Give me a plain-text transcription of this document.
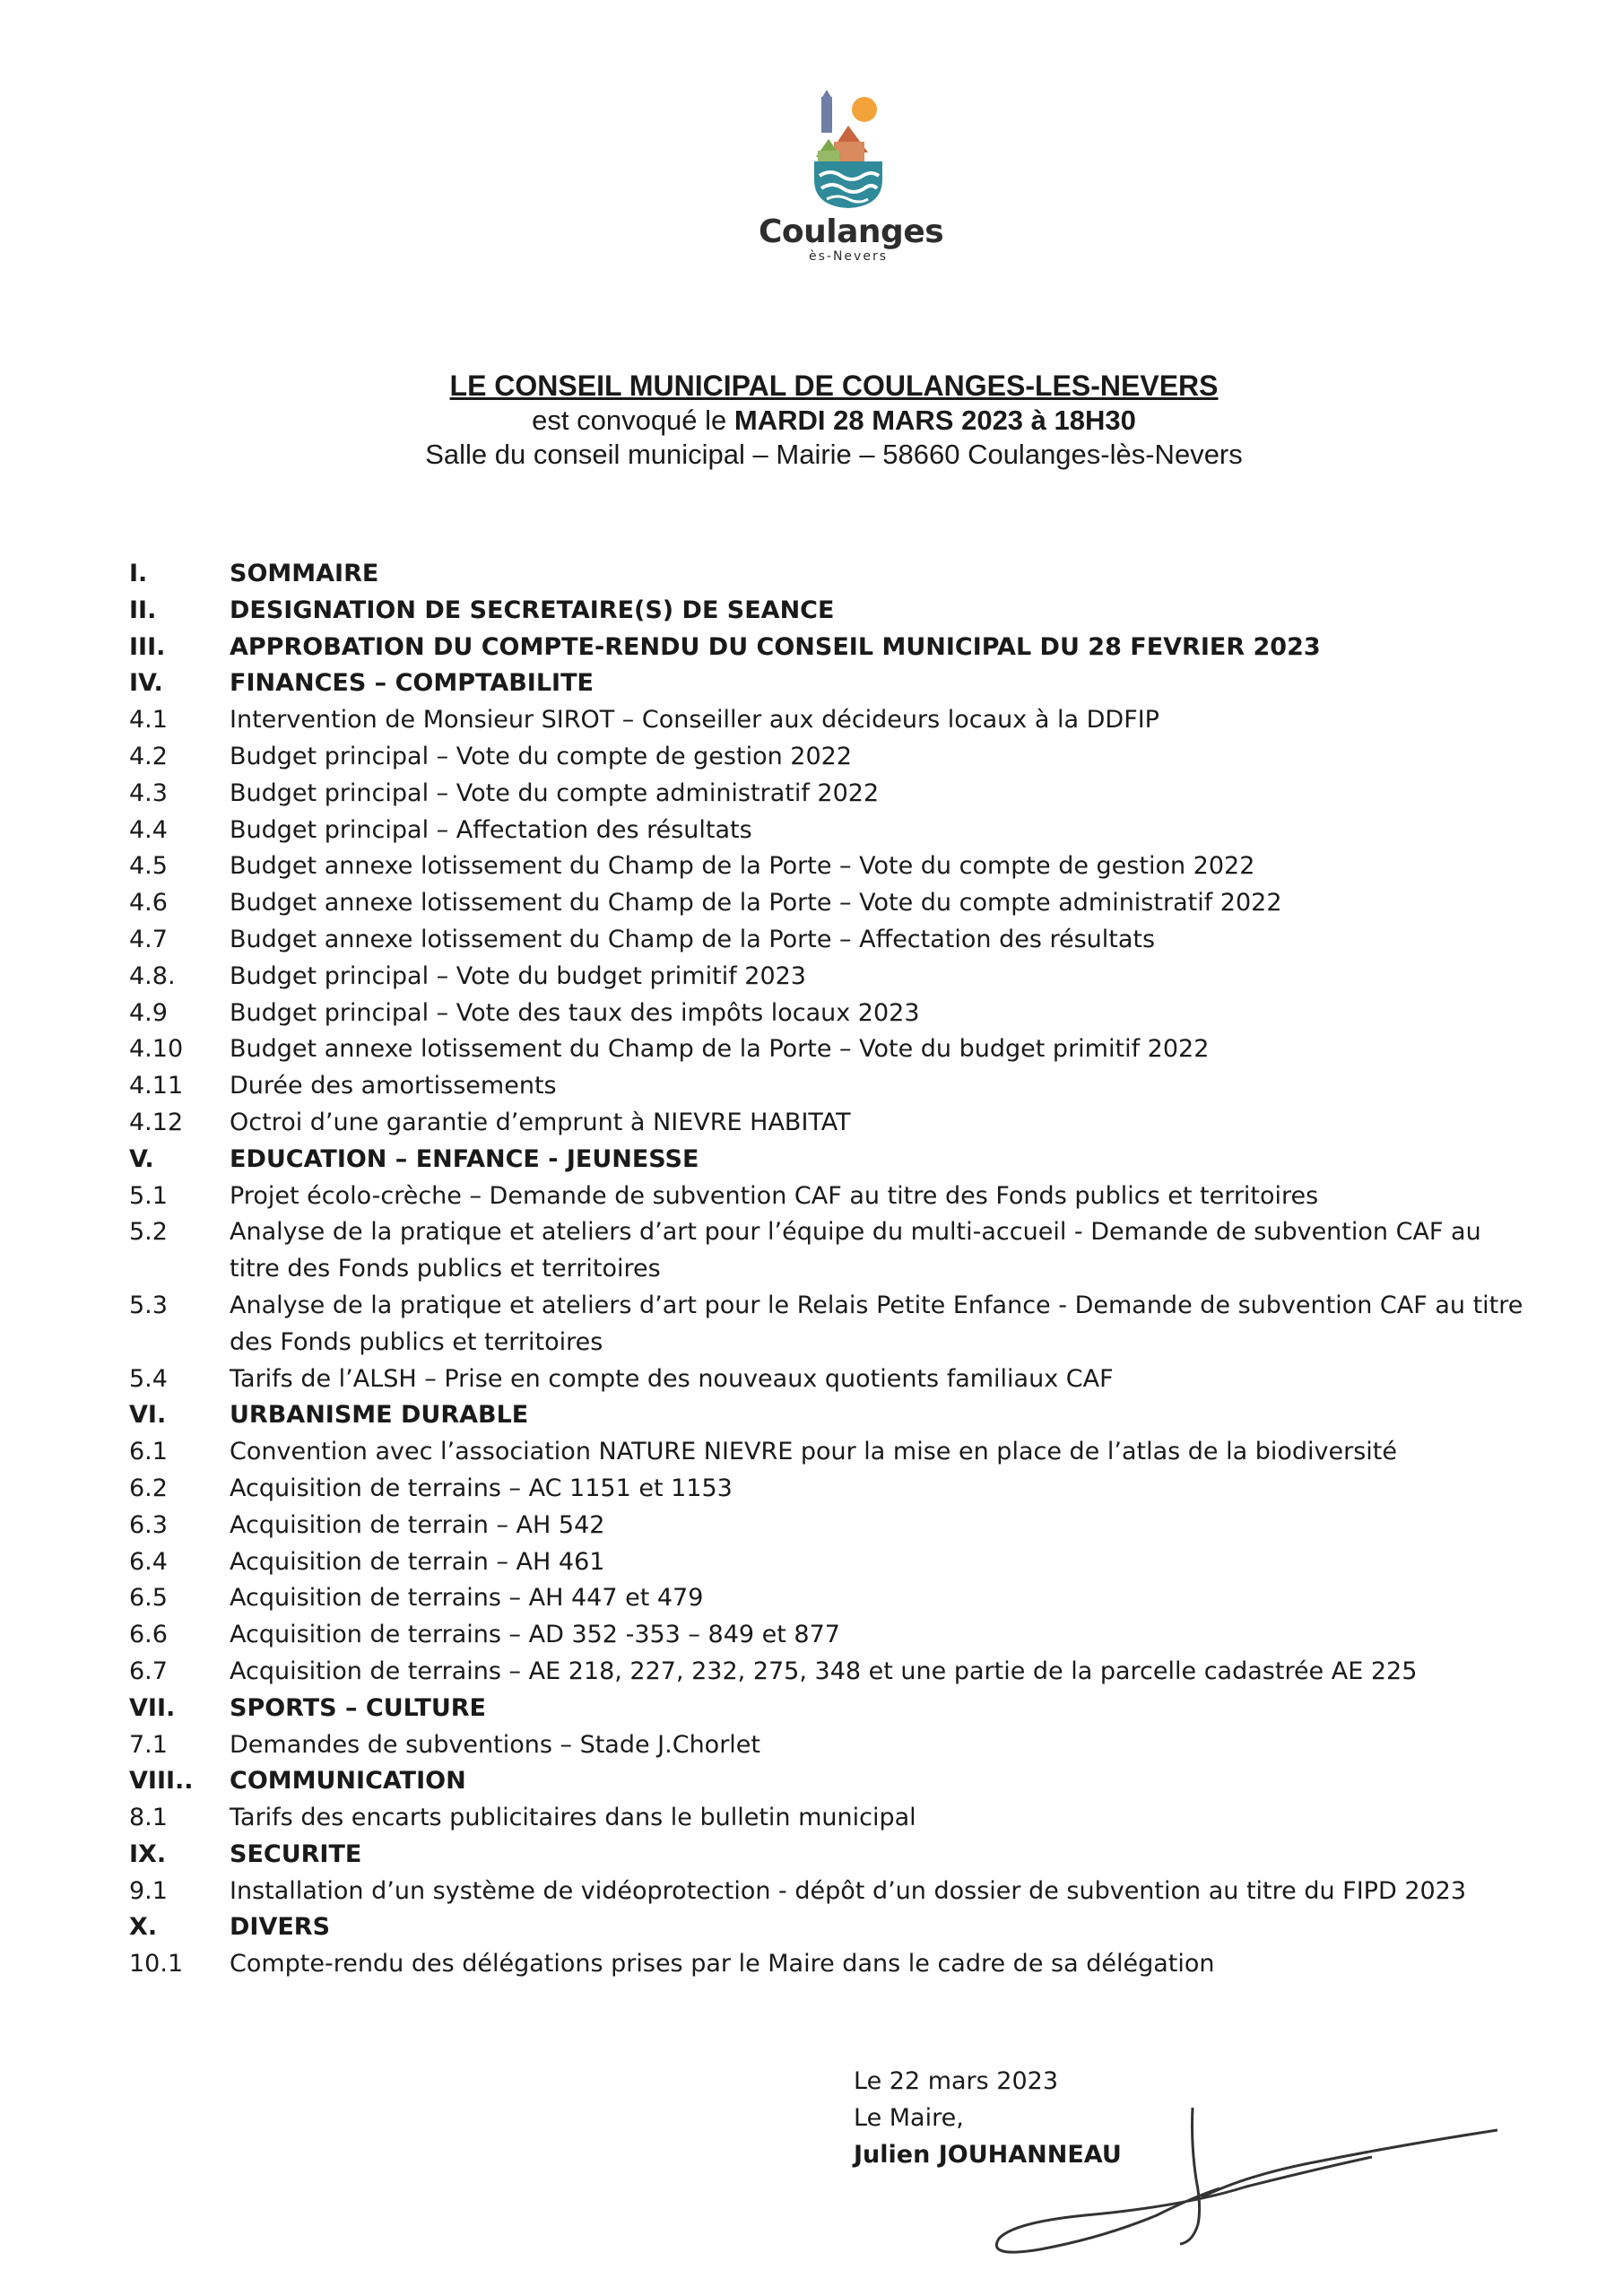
Coulanges
ès-Nevers
LE CONSEIL MUNICIPAL DE COULANGES-LES-NEVERS
est convoqué le MARDI 28 MARS 2023 à 18H30
Salle du conseil municipal – Mairie – 58660 Coulanges-lès-Nevers
I.	SOMMAIRE
II.	DESIGNATION DE SECRETAIRE(S) DE SEANCE
III.	APPROBATION DU COMPTE-RENDU DU CONSEIL MUNICIPAL DU 28 FEVRIER 2023
IV.	FINANCES – COMPTABILITE
4.1	Intervention de Monsieur SIROT – Conseiller aux décideurs locaux à la DDFIP
4.2	Budget principal – Vote du compte de gestion 2022
4.3	Budget principal – Vote du compte administratif 2022
4.4	Budget principal – Affectation des résultats
4.5	Budget annexe lotissement du Champ de la Porte – Vote du compte de gestion 2022
4.6	Budget annexe lotissement du Champ de la Porte – Vote du compte administratif 2022
4.7	Budget annexe lotissement du Champ de la Porte – Affectation des résultats
4.8.	Budget principal – Vote du budget primitif 2023
4.9	Budget principal – Vote des taux des impôts locaux 2023
4.10	Budget annexe lotissement du Champ de la Porte – Vote du budget primitif 2022
4.11	Durée des amortissements
4.12	Octroi d’une garantie d’emprunt à NIEVRE HABITAT
V.	EDUCATION – ENFANCE - JEUNESSE
5.1	Projet écolo-crèche – Demande de subvention CAF au titre des Fonds publics et territoires
5.2	Analyse de la pratique et ateliers d’art pour l’équipe du multi-accueil - Demande de subvention CAF au titre des Fonds publics et territoires
5.3	Analyse de la pratique et ateliers d’art pour le Relais Petite Enfance - Demande de subvention CAF au titre des Fonds publics et territoires
5.4	Tarifs de l’ALSH – Prise en compte des nouveaux quotients familiaux CAF
VI.	URBANISME DURABLE
6.1	Convention avec l’association NATURE NIEVRE pour la mise en place de l’atlas de la biodiversité
6.2	Acquisition de terrains – AC 1151 et 1153
6.3	Acquisition de terrain – AH 542
6.4	Acquisition de terrain – AH 461
6.5	Acquisition de terrains – AH 447 et 479
6.6	Acquisition de terrains – AD 352 -353 – 849 et 877
6.7	Acquisition de terrains – AE 218, 227, 232, 275, 348 et une partie de la parcelle cadastrée AE 225
VII.	SPORTS – CULTURE
7.1	Demandes de subventions – Stade J.Chorlet
VIII..	COMMUNICATION
8.1	Tarifs des encarts publicitaires dans le bulletin municipal
IX.	SECURITE
9.1	Installation d’un système de vidéoprotection - dépôt d’un dossier de subvention au titre du FIPD 2023
X.	DIVERS
10.1	Compte-rendu des délégations prises par le Maire dans le cadre de sa délégation
Le 22 mars 2023
Le Maire,
Julien JOUHANNEAU
